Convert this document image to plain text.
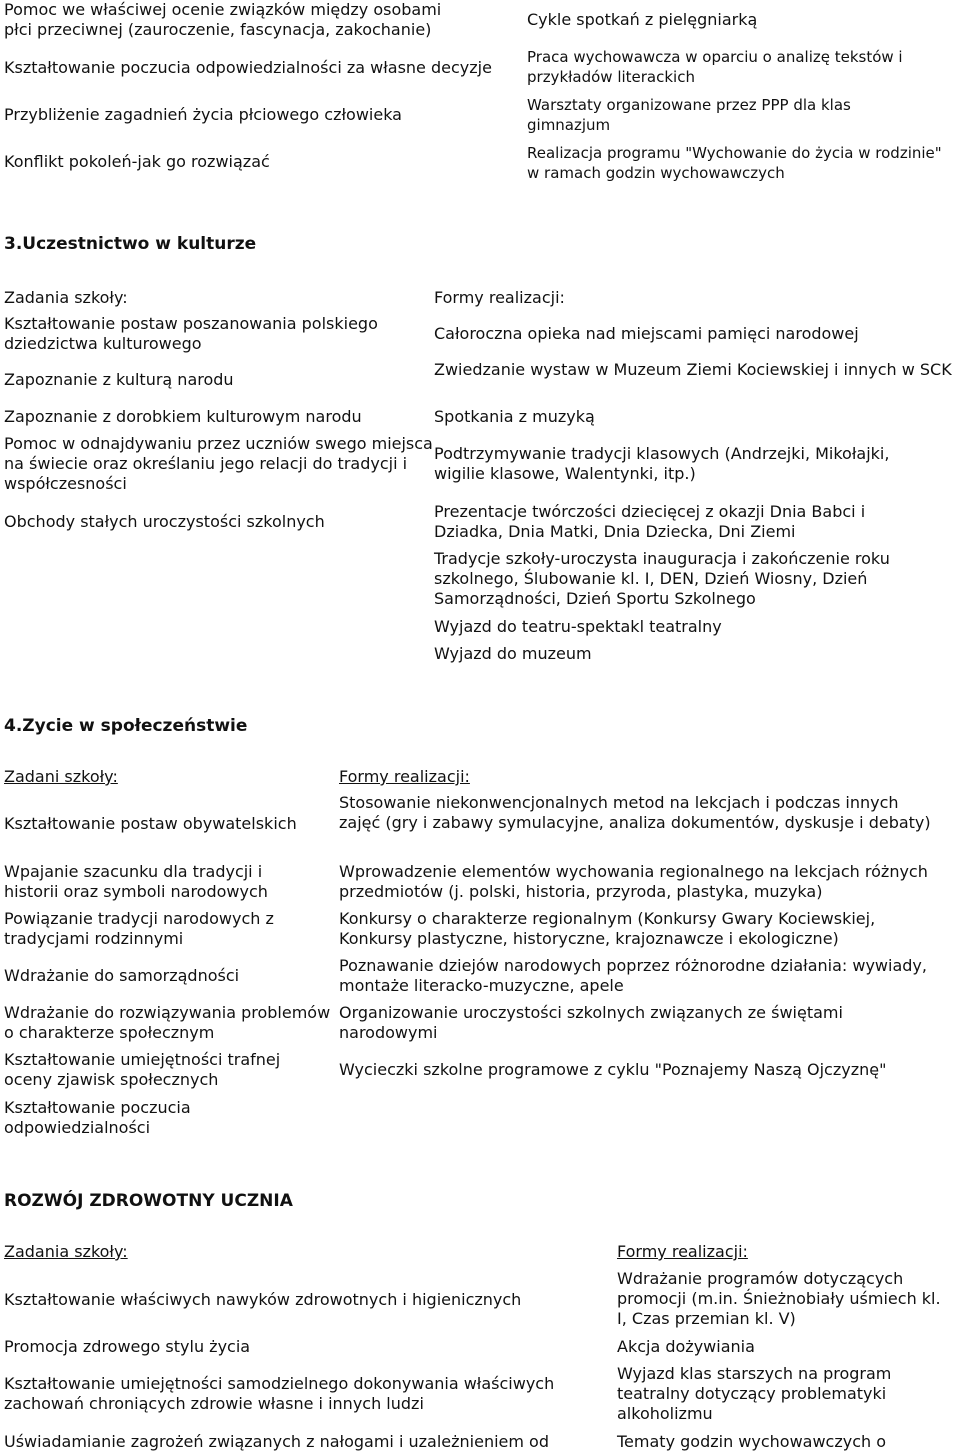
Pomoc we właściwej ocenie związków między osobami płci przeciwnej (zauroczenie, fascynacja, zakochanie)

Kształtowanie poczucia odpowiedzialności za własne decyzje

Przybliżenie zagadnień życia płciowego człowieka

Konflikt pokoleń-jak go rozwiązać

Cykle spotkań z pielęgniarką

Praca wychowawcza w oparciu o analizę tekstów i przykładów literackich

Warsztaty organizowane przez PPP dla klas gimnazjum

Realizacja programu "Wychowanie do życia w rodzinie" w ramach godzin wychowawczych

3.Uczestnictwo w kulturze

Zadania szkoły:

Kształtowanie postaw poszanowania polskiego dziedzictwa kulturowego

Zapoznanie z kulturą narodu

Zapoznanie z dorobkiem kulturowym narodu

Pomoc w odnajdywaniu przez uczniów swego miejsca na świecie oraz określaniu jego relacji do tradycji i współczesności

Obchody stałych uroczystości szkolnych

Formy realizacji:

Całoroczna opieka nad miejscami pamięci narodowej

Zwiedzanie wystaw w Muzeum Ziemi Kociewskiej i innych w SCK

Spotkania z muzyką

Podtrzymywanie tradycji klasowych (Andrzejki, Mikołajki, wigilie klasowe, Walentynki, itp.)

Prezentacje twórczości dziecięcej z okazji Dnia Babci i Dziadka, Dnia Matki, Dnia Dziecka, Dni Ziemi

Tradycje szkoły-uroczysta inauguracja i zakończenie roku szkolnego, Ślubowanie kl. I, DEN, Dzień Wiosny, Dzień Samorządności, Dzień Sportu Szkolnego

Wyjazd do teatru-spektakl teatralny

Wyjazd do muzeum

4.Zycie w społeczeństwie

Zadani szkoły:

Kształtowanie postaw obywatelskich

Wpajanie szacunku dla tradycji i historii oraz symboli narodowych

Powiązanie tradycji narodowych z tradycjami rodzinnymi

Wdrażanie do samorządności

Wdrażanie do rozwiązywania problemów o charakterze społecznym

Kształtowanie umiejętności trafnej oceny zjawisk społecznych

Kształtowanie poczucia odpowiedzialności

Formy realizacji:

Stosowanie niekonwencjonalnych metod na lekcjach i podczas innych zajęć (gry i zabawy symulacyjne, analiza dokumentów, dyskusje i debaty)

Wprowadzenie elementów wychowania regionalnego na lekcjach różnych przedmiotów (j. polski, historia, przyroda, plastyka, muzyka)

Konkursy o charakterze regionalnym (Konkursy Gwary Kociewskiej, Konkursy plastyczne, historyczne, krajoznawcze i ekologiczne)

Poznawanie dziejów narodowych poprzez różnorodne działania: wywiady, montaże literacko-muzyczne, apele

Organizowanie uroczystości szkolnych związanych ze świętami narodowymi

Wycieczki szkolne programowe z cyklu "Poznajemy Naszą Ojczyznę"

ROZWÓJ ZDROWOTNY UCZNIA

Zadania szkoły:

Kształtowanie właściwych nawyków zdrowotnych i higienicznych

Promocja zdrowego stylu życia

Kształtowanie umiejętności samodzielnego dokonywania właściwych zachowań chroniących zdrowie własne i innych ludzi

Uświadamianie zagrożeń związanych z nałogami i uzależnieniem od

Formy realizacji:

Wdrażanie programów dotyczących promocji (m.in. Śnieżnobiały uśmiech kl. I, Czas przemian kl. V)

Akcja dożywiania

Wyjazd klas starszych na program teatralny dotyczący problematyki alkoholizmu

Tematy godzin wychowawczych o
